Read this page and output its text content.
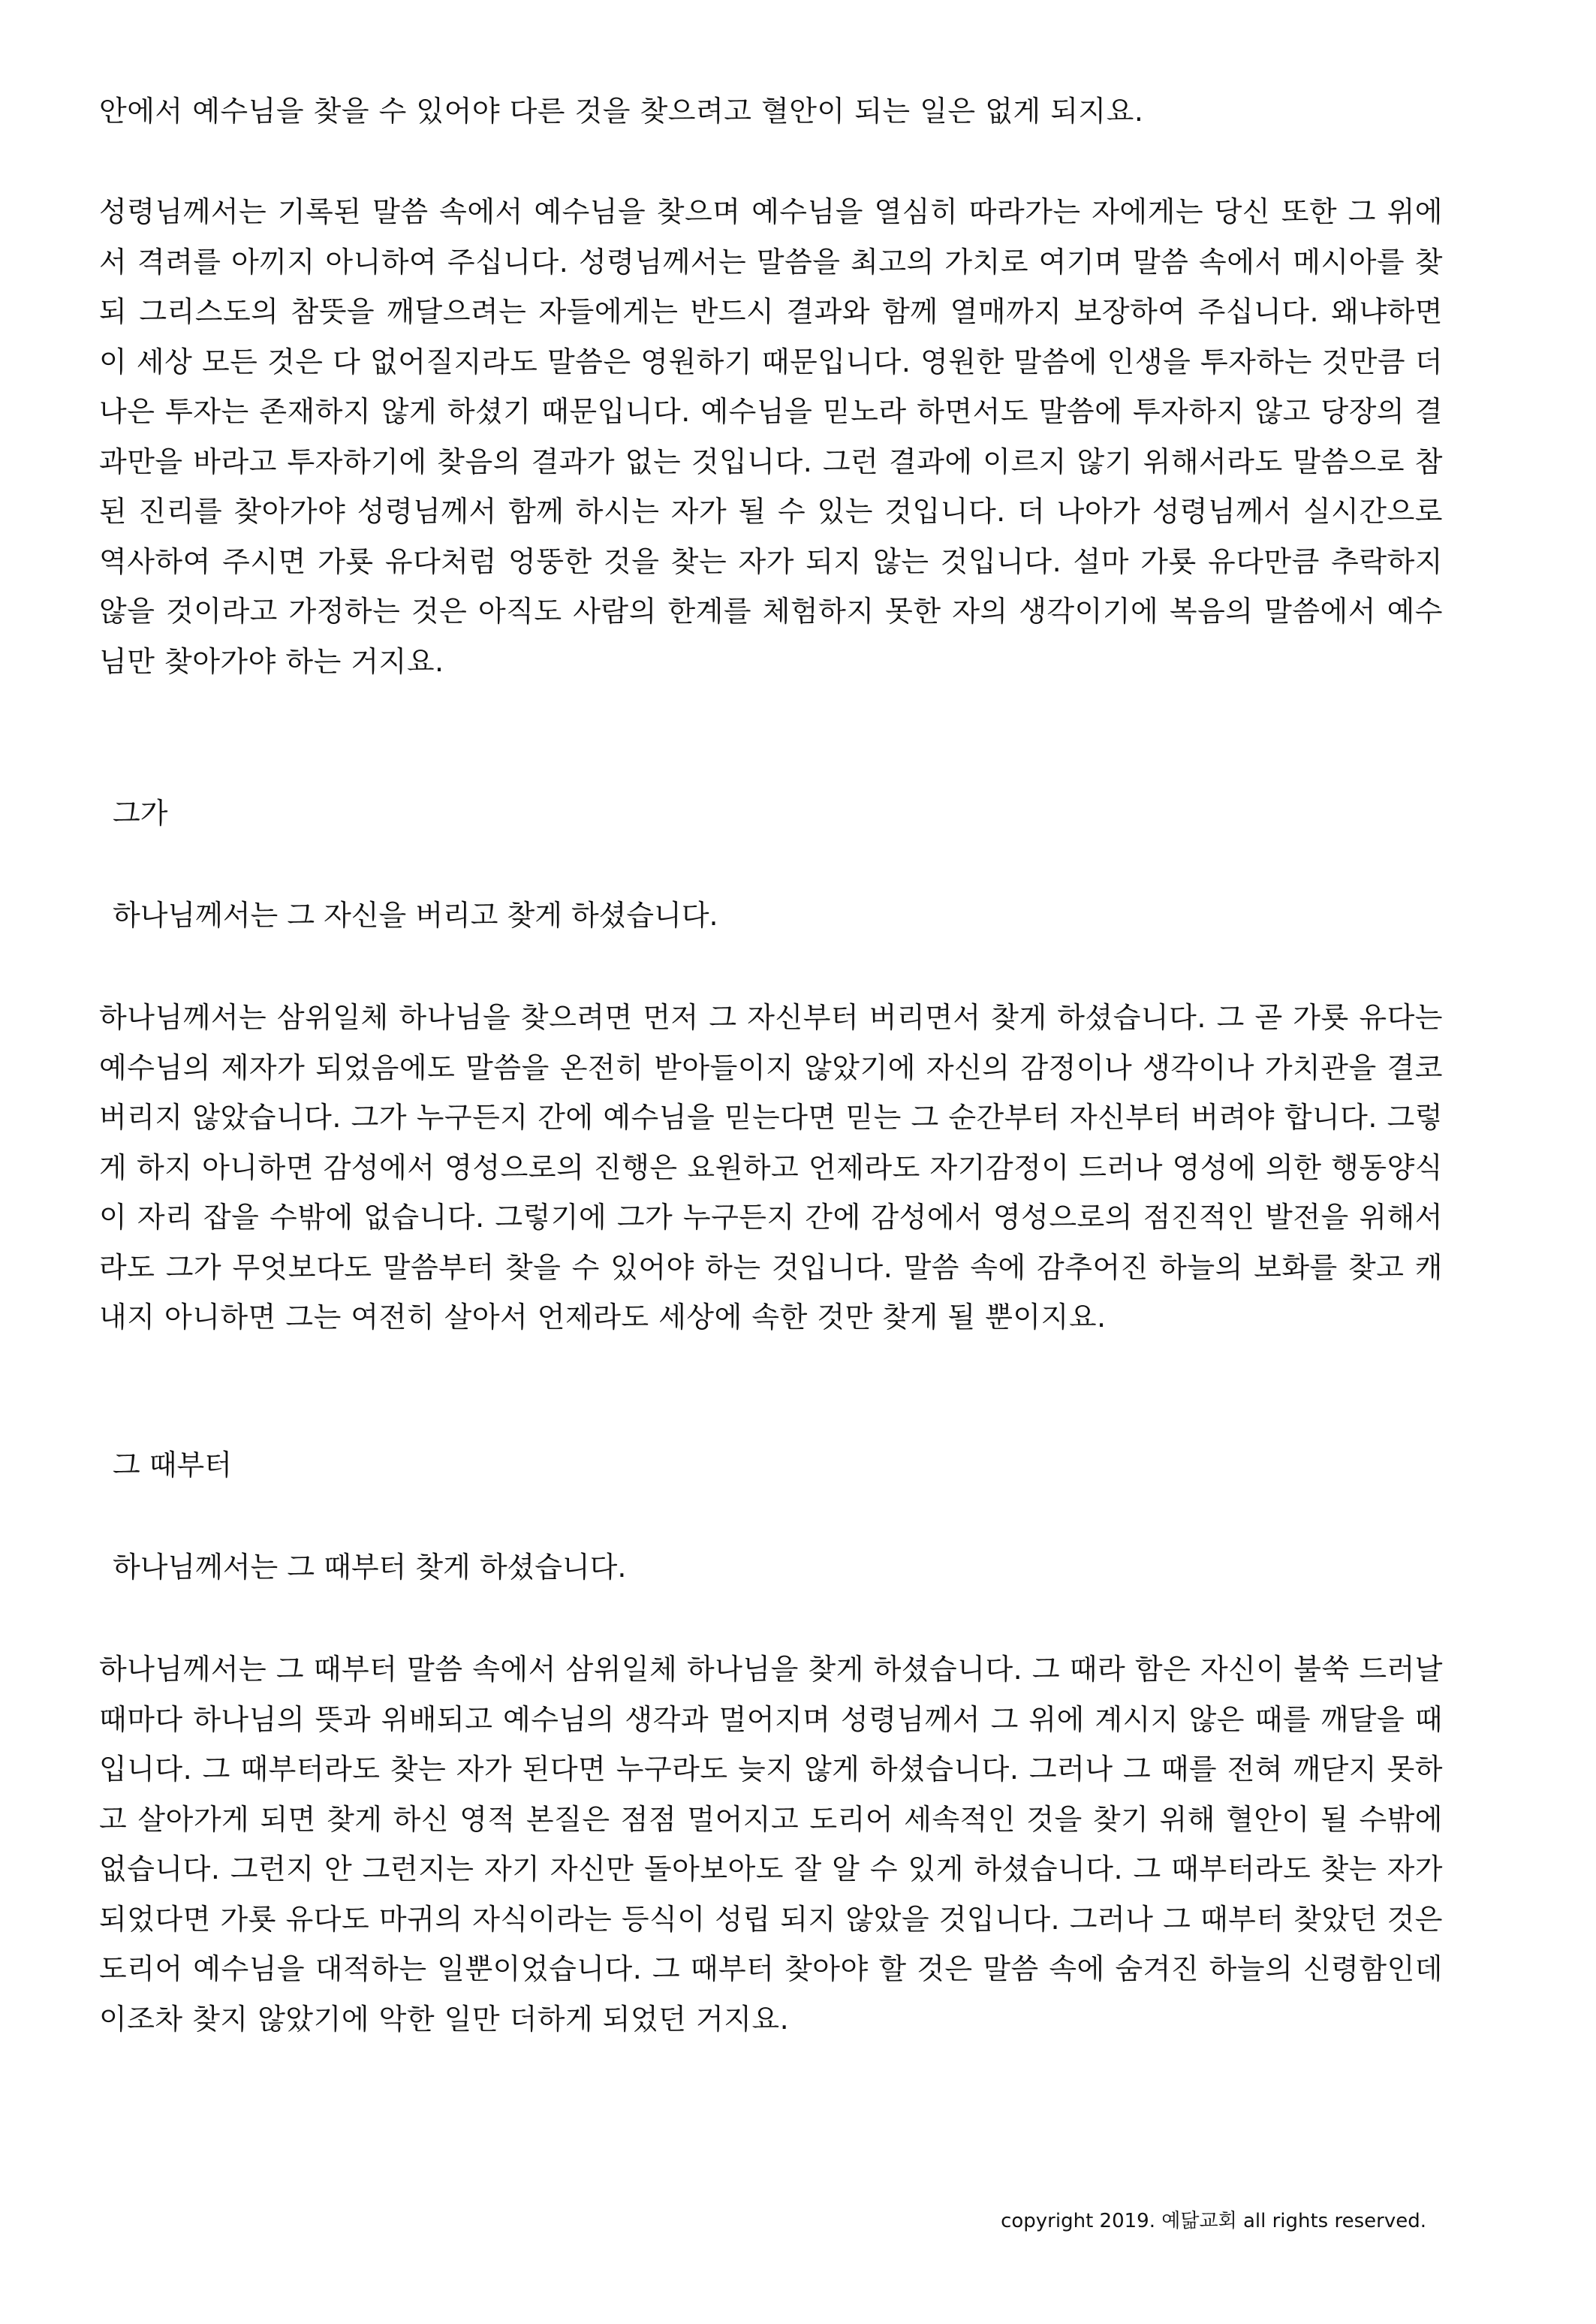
안에서 예수님을 찾을 수 있어야 다른 것을 찾으려고 혈안이 되는 일은 없게 되지요.

성령님께서는 기록된 말씀 속에서 예수님을 찾으며 예수님을 열심히 따라가는 자에게는 당신 또한 그 위에서 격려를 아끼지 아니하여 주십니다. 성령님께서는 말씀을 최고의 가치로 여기며 말씀 속에서 메시아를 찾되 그리스도의 참뜻을 깨달으려는 자들에게는 반드시 결과와 함께 열매까지 보장하여 주십니다. 왜냐하면 이 세상 모든 것은 다 없어질지라도 말씀은 영원하기 때문입니다. 영원한 말씀에 인생을 투자하는 것만큼 더 나은 투자는 존재하지 않게 하셨기 때문입니다. 예수님을 믿노라 하면서도 말씀에 투자하지 않고 당장의 결과만을 바라고 투자하기에 찾음의 결과가 없는 것입니다. 그런 결과에 이르지 않기 위해서라도 말씀으로 참된 진리를 찾아가야 성령님께서 함께 하시는 자가 될 수 있는 것입니다. 더 나아가 성령님께서 실시간으로 역사하여 주시면 가룟 유다처럼 엉뚱한 것을 찾는 자가 되지 않는 것입니다. 설마 가룟 유다만큼 추락하지 않을 것이라고 가정하는 것은 아직도 사람의 한계를 체험하지 못한 자의 생각이기에 복음의 말씀에서 예수님만 찾아가야 하는 거지요.

그가

하나님께서는 그 자신을 버리고 찾게 하셨습니다.

하나님께서는 삼위일체 하나님을 찾으려면 먼저 그 자신부터 버리면서 찾게 하셨습니다. 그 곧 가룟 유다는 예수님의 제자가 되었음에도 말씀을 온전히 받아들이지 않았기에 자신의 감정이나 생각이나 가치관을 결코 버리지 않았습니다. 그가 누구든지 간에 예수님을 믿는다면 믿는 그 순간부터 자신부터 버려야 합니다. 그렇게 하지 아니하면 감성에서 영성으로의 진행은 요원하고 언제라도 자기감정이 드러나 영성에 의한 행동양식이 자리 잡을 수밖에 없습니다. 그렇기에 그가 누구든지 간에 감성에서 영성으로의 점진적인 발전을 위해서라도 그가 무엇보다도 말씀부터 찾을 수 있어야 하는 것입니다. 말씀 속에 감추어진 하늘의 보화를 찾고 캐내지 아니하면 그는 여전히 살아서 언제라도 세상에 속한 것만 찾게 될 뿐이지요.

그 때부터

하나님께서는 그 때부터 찾게 하셨습니다.

하나님께서는 그 때부터 말씀 속에서 삼위일체 하나님을 찾게 하셨습니다. 그 때라 함은 자신이 불쑥 드러날 때마다 하나님의 뜻과 위배되고 예수님의 생각과 멀어지며 성령님께서 그 위에 계시지 않은 때를 깨달을 때입니다. 그 때부터라도 찾는 자가 된다면 누구라도 늦지 않게 하셨습니다. 그러나 그 때를 전혀 깨닫지 못하고 살아가게 되면 찾게 하신 영적 본질은 점점 멀어지고 도리어 세속적인 것을 찾기 위해 혈안이 될 수밖에 없습니다. 그런지 안 그런지는 자기 자신만 돌아보아도 잘 알 수 있게 하셨습니다. 그 때부터라도 찾는 자가 되었다면 가룟 유다도 마귀의 자식이라는 등식이 성립 되지 않았을 것입니다. 그러나 그 때부터 찾았던 것은 도리어 예수님을 대적하는 일뿐이었습니다. 그 때부터 찾아야 할 것은 말씀 속에 숨겨진 하늘의 신령함인데 이조차 찾지 않았기에 악한 일만 더하게 되었던 거지요.

copyright 2019. 예닮교회 all rights reserved.
